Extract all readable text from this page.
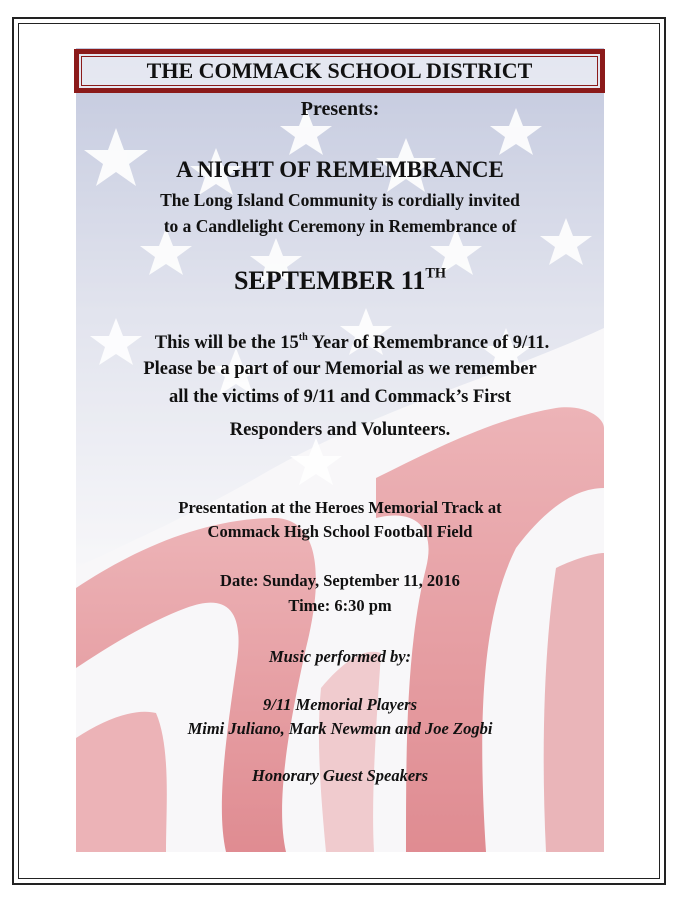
THE COMMACK SCHOOL DISTRICT
Presents:
A NIGHT OF REMEMBRANCE
The Long Island Community is cordially invited
to a Candlelight Ceremony in Remembrance of
SEPTEMBER 11TH
This will be the 15th Year of Remembrance of 9/11.
Please be a part of our Memorial as we remember
all the victims of 9/11 and Commack’s First
Responders and Volunteers.
Presentation at the Heroes Memorial Track at
Commack High School Football Field
Date: Sunday, September 11, 2016
Time: 6:30 pm
Music performed by:
9/11 Memorial Players
Mimi Juliano, Mark Newman and Joe Zogbi
Honorary Guest Speakers
